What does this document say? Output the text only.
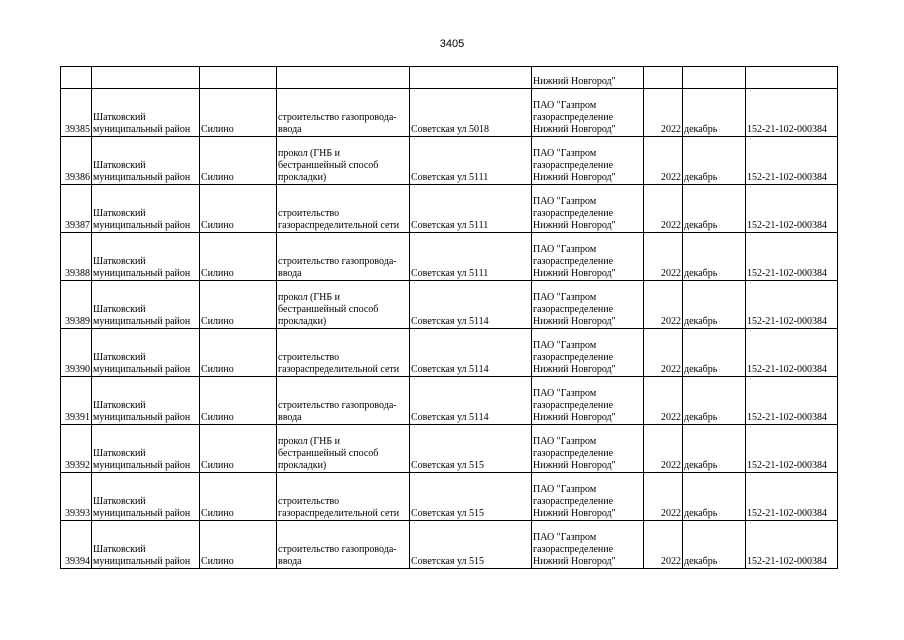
3405
					Нижний Новгород"			
39385	Шатковский муниципальный район	Силино	строительство газопровода-ввода	Советская ул 5018	ПАО "Газпром газораспределение Нижний Новгород"	2022	декабрь	152-21-102-000384
39386	Шатковский муниципальный район	Силино	прокол (ГНБ и бестраншейный способ прокладки)	Советская ул 5111	ПАО "Газпром газораспределение Нижний Новгород"	2022	декабрь	152-21-102-000384
39387	Шатковский муниципальный район	Силино	строительство газораспределительной сети	Советская ул 5111	ПАО "Газпром газораспределение Нижний Новгород"	2022	декабрь	152-21-102-000384
39388	Шатковский муниципальный район	Силино	строительство газопровода-ввода	Советская ул 5111	ПАО "Газпром газораспределение Нижний Новгород"	2022	декабрь	152-21-102-000384
39389	Шатковский муниципальный район	Силино	прокол (ГНБ и бестраншейный способ прокладки)	Советская ул 5114	ПАО "Газпром газораспределение Нижний Новгород"	2022	декабрь	152-21-102-000384
39390	Шатковский муниципальный район	Силино	строительство газораспределительной сети	Советская ул 5114	ПАО "Газпром газораспределение Нижний Новгород"	2022	декабрь	152-21-102-000384
39391	Шатковский муниципальный район	Силино	строительство газопровода-ввода	Советская ул 5114	ПАО "Газпром газораспределение Нижний Новгород"	2022	декабрь	152-21-102-000384
39392	Шатковский муниципальный район	Силино	прокол (ГНБ и бестраншейный способ прокладки)	Советская ул 515	ПАО "Газпром газораспределение Нижний Новгород"	2022	декабрь	152-21-102-000384
39393	Шатковский муниципальный район	Силино	строительство газораспределительной сети	Советская ул 515	ПАО "Газпром газораспределение Нижний Новгород"	2022	декабрь	152-21-102-000384
39394	Шатковский муниципальный район	Силино	строительство газопровода-ввода	Советская ул 515	ПАО "Газпром газораспределение Нижний Новгород"	2022	декабрь	152-21-102-000384
